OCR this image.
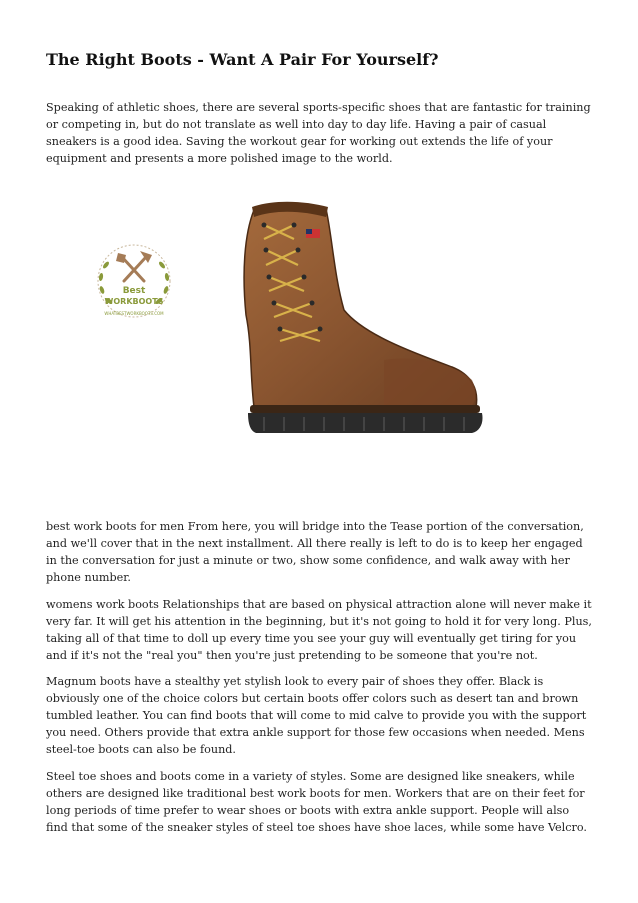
The Right Boots - Want A Pair For Yourself?

Speaking of athletic shoes, there are several sports-specific shoes that are fantastic for training or competing in, but do not translate as well into day to day life. Having a pair of casual sneakers is a good idea. Saving the workout gear for working out extends the life of your equipment and presents a more polished image to the world.

Best
WORKBOOTS
WHATBESTWORKBOOTS.COM

best work boots for men From here, you will bridge into the Tease portion of the conversation, and we'll cover that in the next installment. All there really is left to do is to keep her engaged in the conversation for just a minute or two, show some confidence, and walk away with her phone number.

womens work boots Relationships that are based on physical attraction alone will never make it very far. It will get his attention in the beginning, but it's not going to hold it for very long. Plus, taking all of that time to doll up every time you see your guy will eventually get tiring for you and if it's not the "real you" then you're just pretending to be someone that you're not.

Magnum boots have a stealthy yet stylish look to every pair of shoes they offer. Black is obviously one of the choice colors but certain boots offer colors such as desert tan and brown tumbled leather. You can find boots that will come to mid calve to provide you with the support you need. Others provide that extra ankle support for those few occasions when needed. Mens steel-toe boots can also be found.

Steel toe shoes and boots come in a variety of styles. Some are designed like sneakers, while others are designed like traditional best work boots for men. Workers that are on their feet for long periods of time prefer to wear shoes or boots with extra ankle support. People will also find that some of the sneaker styles of steel toe shoes have shoe laces, while some have Velcro.
